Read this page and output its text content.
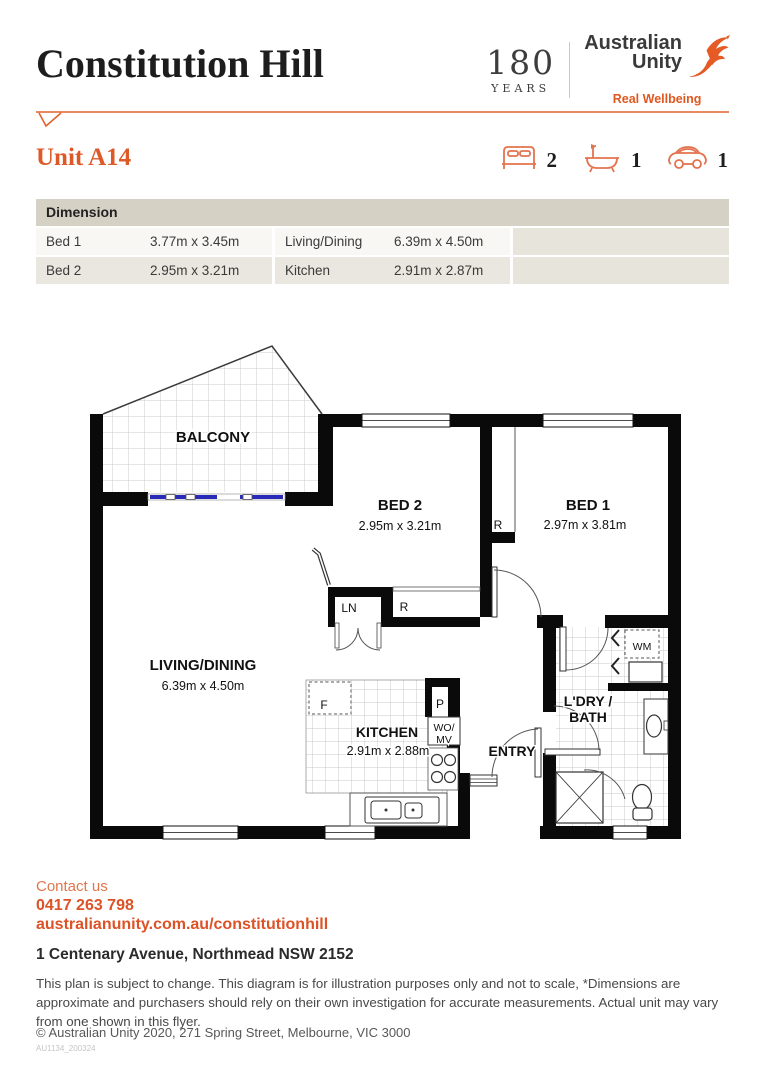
Constitution Hill	180
YEARS
Australian
Unity
Real Wellbeing
Unit A14	2	1	1
Dimension
Bed 1	3.77m x 3.45m	Living/Dining	6.39m x 4.50m
Bed 2	2.95m x 3.21m	Kitchen	2.91m x 2.87m
BALCONY
BED 2
2.95m x 3.21m
BED 1
2.97m x 3.81m
LIVING/DINING
6.39m x 4.50m
KITCHEN
2.91m x 2.88m	ENTRY
L'DRY /
BATH
R
R
LN
F	P
WO/
MV
WM
Contact us
0417 263 798
australianunity.com.au/constitutionhill
1 Centenary Avenue, Northmead NSW 2152
This plan is subject to change. This diagram is for illustration purposes only and not to scale, *Dimensions are approximate and purchasers should rely on their own investigation for accurate measurements. Actual unit may vary from one shown in this flyer.
© Australian Unity 2020, 271 Spring Street, Melbourne, VIC 3000
AU1134_200324
